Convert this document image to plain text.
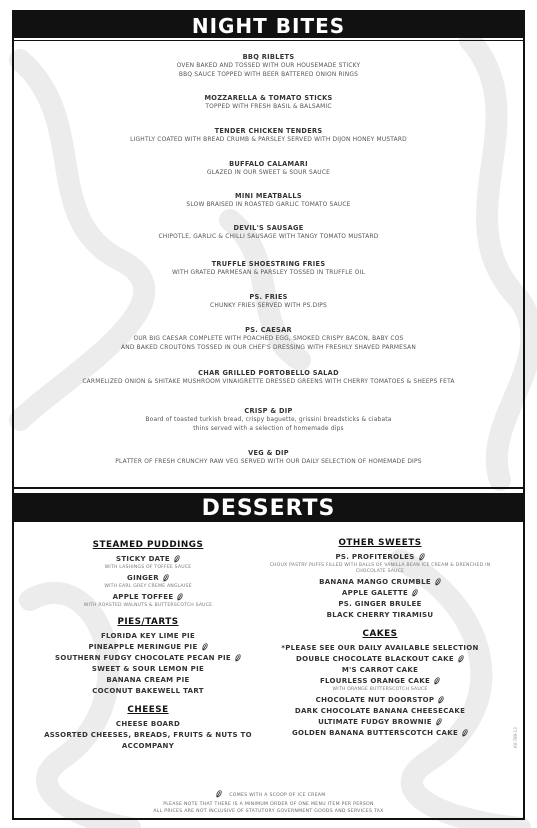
NIGHT BITES
BBQ RIBLETS
OVEN BAKED AND TOSSED WITH OUR HOUSEMADE STICKY
BBQ SAUCE TOPPED WITH BEER BATTERED ONION RINGS
MOZZARELLA & TOMATO STICKS
TOPPED WITH FRESH BASIL & BALSAMIC
TENDER CHICKEN TENDERS
LIGHTLY COATED WITH BREAD CRUMB & PARSLEY SERVED WITH DIJON HONEY MUSTARD
BUFFALO CALAMARI
GLAZED IN OUR SWEET & SOUR SAUCE
MINI MEATBALLS
SLOW BRAISED IN ROASTED GARLIC TOMATO SAUCE
DEVIL'S SAUSAGE
CHIPOTLE, GARLIC & CHILLI SAUSAGE WITH TANGY TOMATO MUSTARD
TRUFFLE SHOESTRING FRIES
WITH GRATED PARMESAN & PARSLEY TOSSED IN TRUFFLE OIL
PS. FRIES
CHUNKY FRIES SERVED WITH PS.DIPS
PS. CAESAR
OUR BIG CAESAR COMPLETE WITH POACHED EGG, SMOKED CRISPY BACON, BABY COS
AND BAKED CROUTONS TOSSED IN OUR CHEF'S DRESSING WITH FRESHLY SHAVED PARMESAN
CHAR GRILLED PORTOBELLO SALAD
CARMELIZED ONION & SHITAKE MUSHROOM VINAIGRETTE DRESSED GREENS WITH CHERRY TOMATOES & SHEEPS FETA
CRISP & DIP
Board of toasted turkish bread, crispy baguette, grissini breadsticks & ciabata
thins served with a selection of homemade dips
VEG & DIP
PLATTER OF FRESH CRUNCHY RAW VEG SERVED WITH OUR DAILY SELECTION OF HOMEMADE DIPS
DESSERTS
STEAMED PUDDINGS
STICKY DATE
WITH LASHINGS OF TOFFEE SAUCE
GINGER
WITH EARL GREY CREME ANGLAISE
APPLE TOFFEE
WITH ROASTED WALNUTS & BUTTERSCOTCH SAUCE
PIES/TARTS
FLORIDA KEY LIME PIE
PINEAPPLE MERINGUE PIE
SOUTHERN FUDGY CHOCOLATE PECAN PIE
SWEET & SOUR LEMON PIE
BANANA CREAM PIE
COCONUT BAKEWELL TART
CHEESE
CHEESE BOARD
ASSORTED CHEESES, BREADS, FRUITS & NUTS TO ACCOMPANY
OTHER SWEETS
PS. PROFITEROLES
CHOUX PASTRY PUFFS FILLED WITH BALLS OF VANILLA BEAN ICE CREAM & DRENCHED IN CHOCOLATE SAUCE
BANANA MANGO CRUMBLE
APPLE GALETTE
PS. GINGER BRULEE
BLACK CHERRY TIRAMISU
CAKES
*PLEASE SEE OUR DAILY AVAILABLE SELECTION
DOUBLE CHOCOLATE BLACKOUT CAKE
M'S CARROT CAKE
FLOURLESS ORANGE CAKE
WITH ORANGE BUTTERSCOTCH SAUCE
CHOCOLATE NUT DOORSTOP
DARK CHOCOLATE BANANA CHEESECAKE
ULTIMATE FUDGY BROWNIE
GOLDEN BANANA BUTTERSCOTCH CAKE
COMES WITH A SCOOP OF ICE CREAM
PLEASE NOTE THAT THERE IS A MINIMUM ORDER OF ONE MENU ITEM PER PERSON
ALL PRICES ARE NOT INCLUSIVE OF STATUTORY GOVERNMENT GOODS AND SERVICES TAX
KV-789-13
